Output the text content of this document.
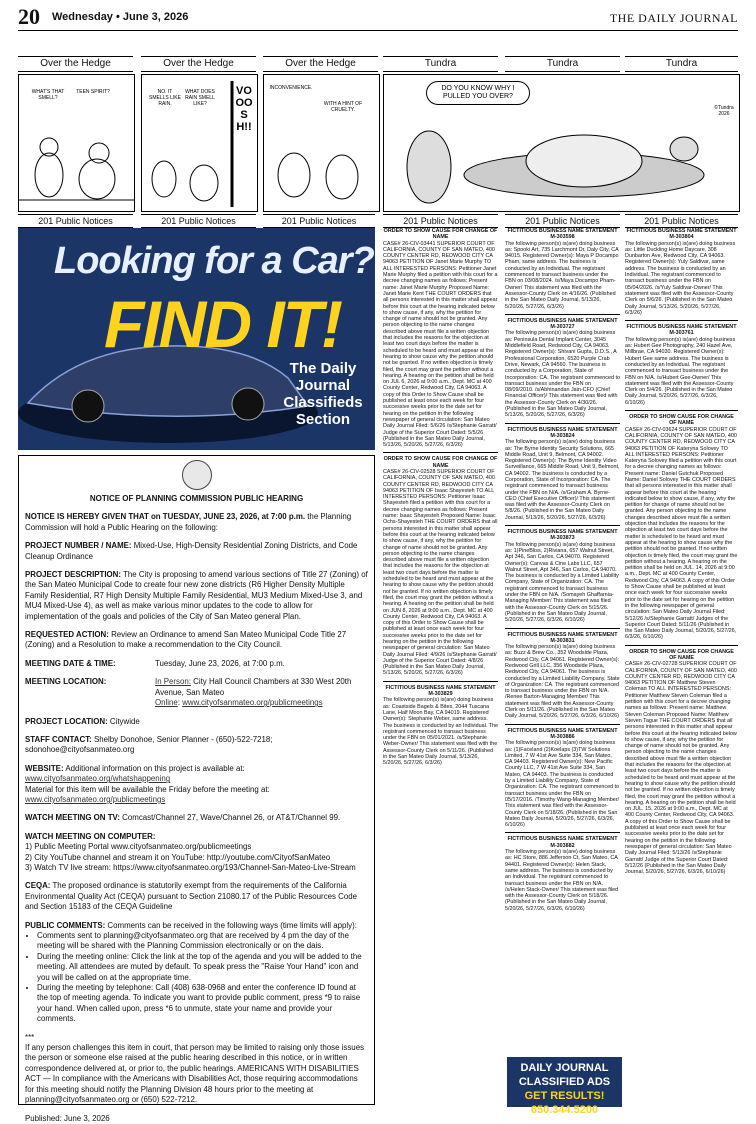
20 Wednesday • June 3, 2026	THE DAILY JOURNAL
Over the Hedge	Over the Hedge	Over the Hedge	Tundra	Tundra	Tundra
WHAT'S THAT SMELL?
TEEN SPIRIT?	NO. IT SMELLS LIKE RAIN.
WHAT DOES RAIN SMELL LIKE?
VOOOSH!!
INCONVENIENCE.
WITH A HINT OF CRUELTY.
DO YOU KNOW WHY I PULLED YOU OVER?
©Tundra 2026
201 Public Notices	201 Public Notices	201 Public Notices	201 Public Notices	201 Public Notices	201 Public Notices
Looking for a Car?
FIND IT!
The Daily Journal Classifieds Section

NOTICE OF PLANNING COMMISSION PUBLIC HEARING

NOTICE IS HEREBY GIVEN THAT on TUESDAY, JUNE 23, 2026, at 7:00 p.m. the Planning Commission will hold a Public Hearing on the following:

PROJECT NUMBER / NAME: Mixed-Use, High-Density Residential Zoning Districts, and Code Cleanup Ordinance

PROJECT DESCRIPTION: The City is proposing to amend various sections of Title 27 (Zoning) of the San Mateo Municipal Code to create four new zone districts (R6 Higher Density Multiple Family Residential, R7 High Density Multiple Family Residential, MU3 Medium Mixed-Use 3, and MU4 Mixed-Use 4), as well as make various minor updates to the code to allow for implementation of the goals and policies of the City of San Mateo general Plan.

REQUESTED ACTION: Review an Ordinance to amend San Mateo Municipal Code Title 27 (Zoning) and a Resolution to make a recommendation to the City Council.

MEETING DATE & TIME:	Tuesday, June 23, 2026, at 7:00 p.m.

MEETING LOCATION:	In Person: City Hall Council Chambers at 330 West 20th Avenue, San Mateo
Online: www.cityofsanmateo.org/publicmeetings

PROJECT LOCATION: Citywide

STAFF CONTACT: Shelby Donohoe, Senior Planner - (650)-522-7218; sdonohoe@cityofsanmateo.org

WEBSITE: Additional information on this project is available at:
www.cityofsanmateo.org/whatshappening
Material for this item will be available the Friday before the meeting at:
www.cityofsanmateo.org/publicmeetings

WATCH MEETING ON TV: Comcast/Channel 27, Wave/Channel 26, or AT&T/Channel 99.

WATCH MEETING ON COMPUTER:
1) Public Meeting Portal www.cityofsanmateo.org/publicmeetings
2) City YouTube channel and stream it on YouTube: http://youtube.com/CityofSanMateo
3) Watch TV live stream: https://www.cityofsanmateo.org/193/Channel-San-Mateo-Live-Stream

CEQA: The proposed ordinance is statutorily exempt from the requirements of the California Environmental Quality Act (CEQA) pursuant to Section 21080.17 of the Public Resources Code and Section 15183 of the CEQA Guideline

PUBLIC COMMENTS: Comments can be received in the following ways (time limits will apply):

• Comments sent to planning@cityofsanmateo.org that are received by 4 pm the day of the meeting will be shared with the Planning Commission electronically or on the dais.
• During the meeting online: Click the link at the top of the agenda and you will be added to the meeting. All attendees are muted by default. To speak press the "Raise Your Hand" icon and you will be called on at the appropriate time.
• During the meeting by telephone: Call (408) 638-0968 and enter the conference ID found at the top of meeting agenda. To indicate you want to provide public comment, press *9 to raise your hand. When called upon, press *6 to unmute, state your name and provide your comments.

***

If any person challenges this item in court, that person may be limited to raising only those issues the person or someone else raised at the public hearing described in this notice, or in written correspondence delivered at, or prior to, the public hearings. AMERICANS WITH DISABILITIES ACT — In compliance with the Americans with Disabilities Act, those requiring accommodations for this meeting should notify the Planning Division 48 hours prior to the meeting at planning@cityofsanmateo.org or (650) 522-7212.

Published: June 3, 2026

ORDER TO SHOW CAUSE FOR CHANGE OF NAME
CASE# 26-CIV-03441 SUPERIOR COURT OF CALIFORNIA, COUNTY OF SAN MATEO, 400 COUNTY CENTER RD, REDWOOD CITY CA 94063 PETITION OF Janet Marie Murphy TO ALL INTERESTED PERSONS: Petitioner Janet Marie Murphy filed a petition with this court for a decree changing names as follows: Present name: Janet Marie Murphy Proposed Name: Janet Marie Kent THE COURT ORDERS that all persons interested in this matter shall appear before this court at the hearing indicated below to show cause, if any, why the petition for change of name should not be granted. Any person objecting to the name changes described above must file a written objection that includes the reasons for the objection at least two court days before the matter is scheduled to be heard and must appear at the hearing to show cause why the petition should not be granted. If no written objection is timely filed, the court may grant the petition without a hearing. A hearing on the petition shall be held on JUL 6, 2026 at 9:00 a.m., Dept. MC at 400 County Center, Redwood City, CA 94063. A copy of this Order to Show Cause shall be published at least once each week for four successive weeks prior to the date set for hearing on the petition in the following newspaper of general circulation: San Mateo Daily Journal Filed: 5/6/26 /s/Stephanie Garratt/ Judge of the Superior Court Dated: 5/5/26 (Published in the San Mateo Daily Journal, 5/13/26, 5/20/26, 5/27/26, 6/3/26)
ORDER TO SHOW CAUSE FOR CHANGE OF NAME
CASE# 26-CIV-02528 SUPERIOR COURT OF CALIFORNIA, COUNTY OF SAN MATEO, 400 COUNTY CENTER RD, REDWOOD CITY CA 94063 PETITION OF Isaac Shayesteh TO ALL INTERESTED PERSONS: Petitioner Isaac Shayesteh filed a petition with this court for a decree changing names as follows: Present name: Isaac Shayesteh Proposed Name: Isaac Ochs-Shayesteh THE COURT ORDERS that all persons interested in this matter shall appear before this court at the hearing indicated below to show cause, if any, why the petition for change of name should not be granted. Any person objecting to the name changes described above must file a written objection that includes the reasons for the objection at least two court days before the matter is scheduled to be heard and must appear at the hearing to show cause why the petition should not be granted. If no written objection is timely filed, the court may grant the petition without a hearing. A hearing on the petition shall be held on JUN 8, 2026 at 9:00 a.m., Dept. MC at 400 County Center, Redwood City, CA 94063. A copy of this Order to Show Cause shall be published at least once each week for four successive weeks prior to the date set for hearing on the petition in the following newspaper of general circulation: San Mateo Daily Journal Filed: 4/9/26 /s/Stephanie Garratt/ Judge of the Superior Court Dated: 4/8/26 (Published in the San Mateo Daily Journal, 5/13/26, 5/20/26, 5/27/26, 6/3/26)
FICTITIOUS BUSINESS NAME STATEMENT M-303829
The following person(s) is(are) doing business as: Coastside Bagels & Bites, 2044 Tuscana Lane, Half Moon Bay, CA 94019. Registered Owner(s): Stephanie Weber, same address. The business is conducted by an Individual. The registrant commenced to transact business under the FBN on 05/01/2021. /s/Stephanie Weber-Owner/ This statement was filed with the Assessor-County Clerk on 5/11/26. (Published in the San Mateo Daily Journal, 5/13/26, 5/20/26, 5/27/26, 6/3/26)
FICTITIOUS BUSINESS NAME STATEMENT M-303598
The following person(s) is(are) doing business as: Spooki Art, 735 Larchmont Dr, Daly City, CA 94015. Registered Owner(s): Maya P Docampo Pham, same address. The business is conducted by an Individual. The registrant commenced to transact business under the FBN on 03/08/2024. /s/Maya Docampo Pham-Owner/ This statement was filed with the Assessor-County Clerk on 4/16/26. (Published in the San Mateo Daily Journal, 5/13/26, 5/20/26, 5/27/26, 6/3/26)
FICTITIOUS BUSINESS NAME STATEMENT M-303727
The following person(s) is(are) doing business as: Peninsula Dental Implant Center, 3045 Middlefield Road, Redwood City, CA 94063. Registered Owner(s): Shivani Gupta, D.D.S., A Professional Corporation, 6520 Purple Crab Drive, Newark, CA 94560. The business is conducted by a Corporation, State of Incorporation: CA. The registrant commenced to transact business under the FBN on 08/09/2010. /s/Abhinandan Jain-CFO (Chief Financial Officer)/ This statement was filed with the Assessor-County Clerk on 4/30/26. (Published in the San Mateo Daily Journal, 5/13/26, 5/20/26, 5/27/26, 6/3/26)
FICTITIOUS BUSINESS NAME STATEMENT M-303824
The following person(s) is(are) doing business as: The Byrne Identity Security Solutions, 665 Middle Road, Unit 9, Belmont, CA 94002. Registered Owner(s): The Byrne Identity Video Surveillance, 665 Middle Road, Unit 9, Belmont, CA 94002. The business is conducted by a Corporation, State of Incorporation: CA. The registrant commenced to transact business under the FBN on N/A. /s/Graham A. Byrne-CEO (Chief Executive Officer)/ This statement was filed with the Assessor-County Clerk on 5/8/26. (Published in the San Mateo Daily Journal, 5/13/26, 5/20/26, 5/27/26, 6/3/26)
FICTITIOUS BUSINESS NAME STATEMENT M-303873
The following person(s) is(are) doing business as: 1)PineBliss, 2)Riviana, 657 Walnut Street, Apt 346, San Carlos, CA 94070. Registered Owner(s): Canvas & Cine Labs LLC, 657 Walnut Street, Apt 346, San Carlos, CA 94070. The business is conducted by a Limited Liability Company, State of Organization: CA. The registrant commenced to transact business under the FBN on N/A. /Somayeh Ghaffarnia-Managing Member/ This statement was filed with the Assessor-County Clerk on 5/15/26. (Published in the San Mateo Daily Journal, 5/20/26, 5/27/26, 6/3/26, 6/10/26)
FICTITIOUS BUSINESS NAME STATEMENT M-303831
The following person(s) is(are) doing business as: Buzz & Brew Co., 352 Woodside Plaza, Redwood City, CA 94061. Registered Owner(s): Redwood Grill LLC, 356 Woodside Plaza, Redwood City, CA 94061. The business is conducted by a Limited Liability Company, State of Organization: CA. The registrant commenced to transact business under the FBN on N/A. /Renee Barton-Managing Member/ This statement was filed with the Assessor-County Clerk on 5/11/26. (Published in the San Mateo Daily Journal, 5/20/26, 5/27/26, 6/3/26, 6/10/26)
FICTITIOUS BUSINESS NAME STATEMENT M-303886
The following person(s) is(are) doing business as: (1)Faceland (2)Koelaps (3)TW Solutions Limited, 7 W 41st Ave Suite 334, San Mateo, CA 94403. Registered Owner(s): New Pacific County LLC, 7 W 41st Ave Suite 334, San Mateo, CA 94403. The business is conducted by a Limited Liability Company, State of Organization: CA. The registrant commenced to transact business under the FBN on 05/17/2016. /Timothy Wang-Managing Member/ This statement was filed with the Assessor-County Clerk on 5/18/26. (Published in the San Mateo Daily Journal, 5/20/26, 5/27/26, 6/3/26, 6/10/26)
FICTITIOUS BUSINESS NAME STATEMENT M-303882
The following person(s) is(are) doing business as: HC Store, 886 Jefferson Ct, San Mateo, CA 94401. Registered Owner(s): Helen Stack, same address. The business is conducted by an Individual. The registrant commenced to transact business under the FBN on N/A. /s/Helen Stack-Owner/ This statement was filed with the Assessor-County Clerk on 5/18/26. (Published in the San Mateo Daily Journal, 5/20/26, 5/27/26, 6/3/26, 6/10/26)
DAILY JOURNAL
CLASSIFIED ADS
GET RESULTS! 650.344.5200
FICTITIOUS BUSINESS NAME STATEMENT M-303804
The following person(s) is(are) doing business as: Little Duckling Home Daycare, 308 Dunbarton Ave, Redwood City, CA 94063. Registered Owner(s): Yuly Saldivar, same address. The business is conducted by an Individual. The registrant commenced to transact business under the FBN on 05/04/2026. /s/Yuly Saldivar-Owner/ This statement was filed with the Assessor-County Clerk on 5/6/26. (Published in the San Mateo Daily Journal, 5/13/26, 5/20/26, 5/27/26, 6/3/26)
FICTITIOUS BUSINESS NAME STATEMENT M-303761
The following person(s) is(are) doing business as: Hubert Gee Photography, 240 Hazel Ave, Millbrae, CA 94030. Registered Owner(s): Hubert Gee same address. The business is conducted by an Individual. The registrant commenced to transact business under the FBN on N/A. /s/Hubert Gee-Owner/ This statement was filed with the Assessor-County Clerk on 5/4/26. (Published in the San Mateo Daily Journal, 5/20/26, 5/27/26, 6/3/26, 6/10/26)
ORDER TO SHOW CAUSE FOR CHANGE OF NAME
CASE# 26-CIV-03624 SUPERIOR COURT OF CALIFORNIA, COUNTY OF SAN MATEO, 400 COUNTY CENTER RD, REDWOOD CITY CA 94063 PETITION OF Kateryna Solovey TO ALL INTERESTED PERSONS: Petitioner Kateryna Solovey filed a petition with this court for a decree changing names as follows: Present name: Daniel Gutchuk Proposed Name: Daniel Solovey THE COURT ORDERS that all persons interested in this matter shall appear before this court at the hearing indicated below to show cause, if any, why the petition for change of name should not be granted. Any person objecting to the name changes described above must file a written objection that includes the reasons for the objection at least two court days before the matter is scheduled to be heard and must appear at the hearing to show cause why the petition should not be granted. If no written objection is timely filed, the court may grant the petition without a hearing. A hearing on the petition shall be held on JUL. 14, 2026 at 9:00 a.m., Dept. MC at 400 County Center, Redwood City, CA 94063. A copy of this Order to Show Cause shall be published at least once each week for four successive weeks prior to the date set for hearing on the petition in the following newspaper of general circulation: San Mateo Daily Journal Filed: 5/12/26 /s/Stephanie Garratt/ Judges of the Superior Court Dated: 5/11/26 (Published in the San Mateo Daily Journal, 5/20/26, 5/27/26, 6/3/26, 6/10/26)
ORDER TO SHOW CAUSE FOR CHANGE OF NAME
CASE# 26-CIV-02728 SUPERIOR COURT OF CALIFORNIA, COUNTY OF SAN MATEO, 400 COUNTY CENTER RD, REDWOOD CITY CA 94063 PETITION OF Matthew Steven Coleman TO ALL INTERESTED PERSONS: Petitioner Matthew Steven Coleman filed a petition with this court for a decree changing names as follows: Present name: Matthew Steven Coleman Proposed Name: Matthew Steven Tague THE COURT ORDERS that all persons interested in this matter shall appear before this court at the hearing indicated below to show cause, if any, why the petition for change of name should not be granted. Any person objecting to the name changes described above must file a written objection that includes the reasons for the objection at least two court days before the matter is scheduled to be heard and must appear at the hearing to show cause why the petition should not be granted. If no written objection is timely filed, the court may grant the petition without a hearing. A hearing on the petition shall be held on JUL. 15, 2026 at 9:00 a.m., Dept. MC at 400 County Center, Redwood City, CA 94063. A copy of this Order to Show Cause shall be published at least once each week for four successive weeks prior to the date set for hearing on the petition in the following newspaper of general circulation: San Mateo Daily Journal Filed: 5/13/26 /s/Stephanie Garratt/ Judge of the Superior Court Dated: 5/12/26 (Published in the San Mateo Daily Journal, 5/20/26, 5/27/26, 6/3/26, 6/10/26)
